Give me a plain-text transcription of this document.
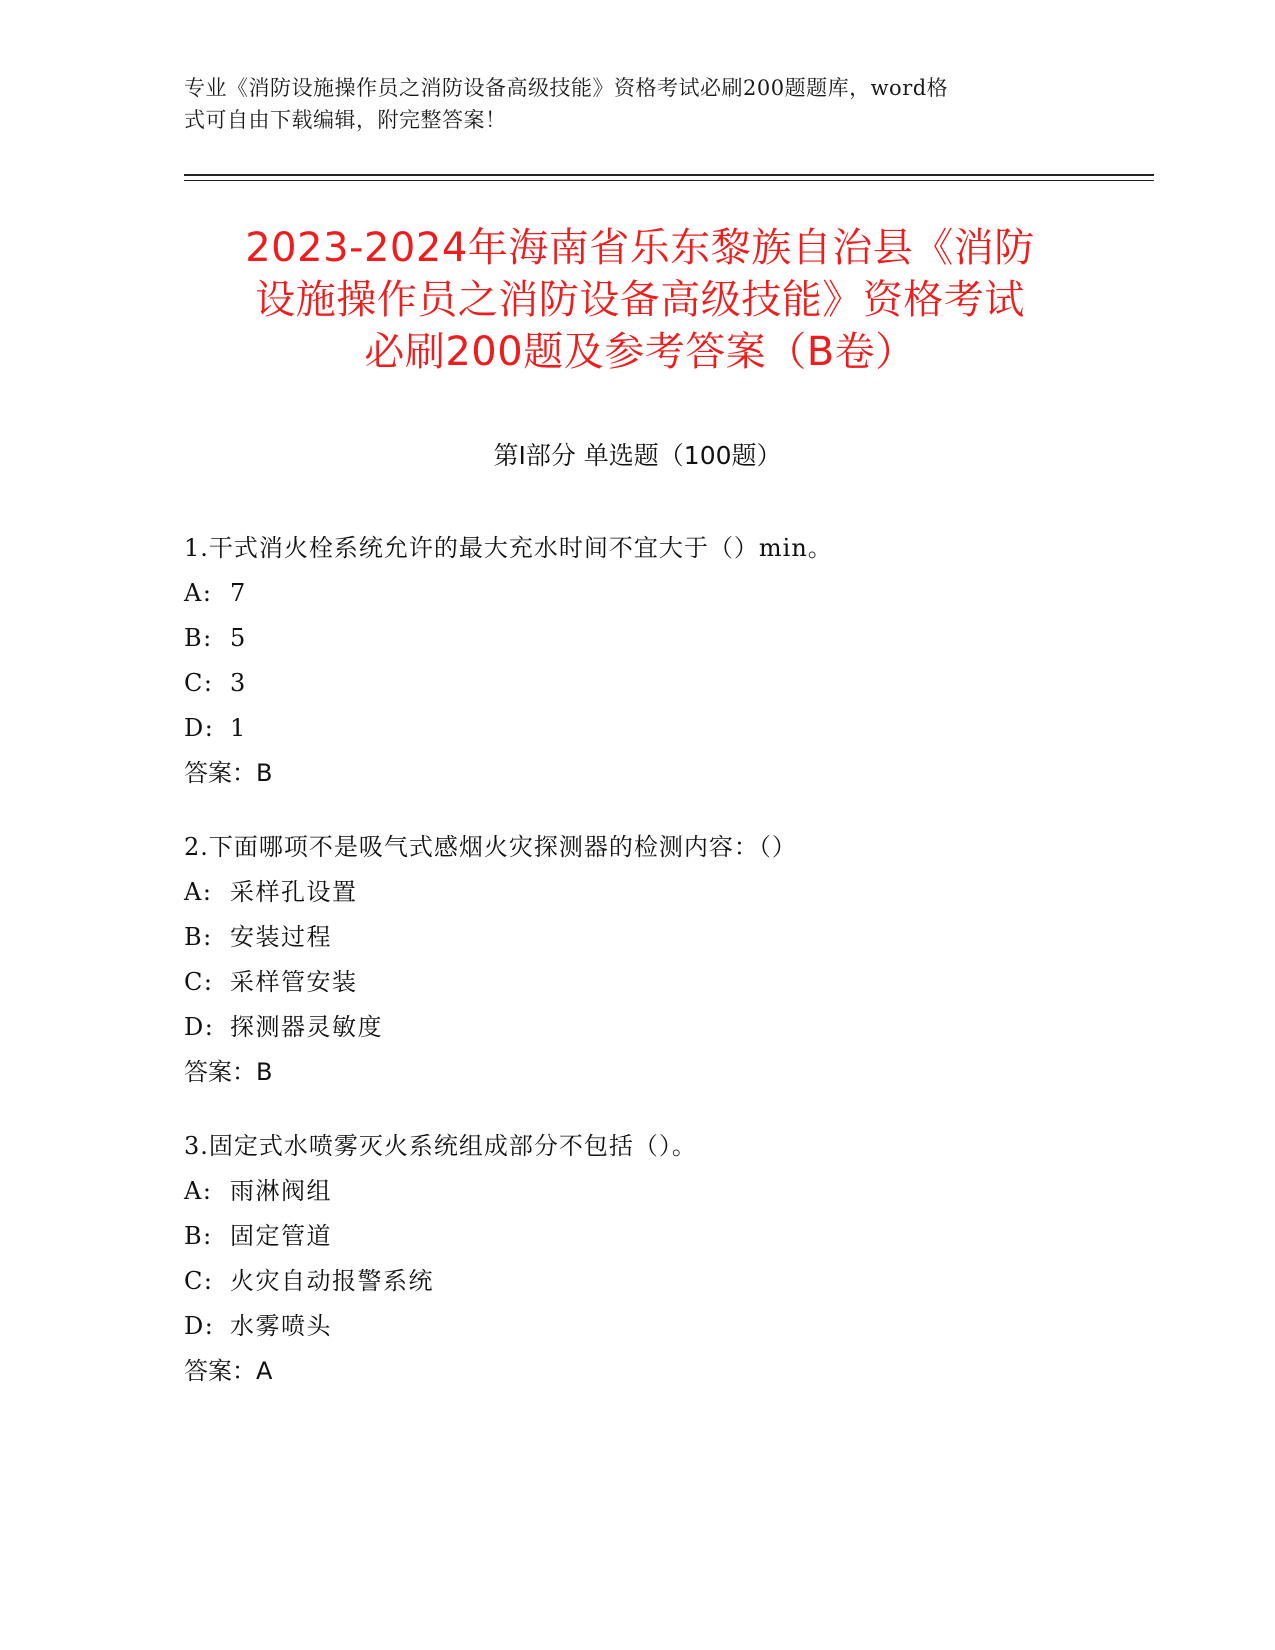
专业《消防设施操作员之消防设备高级技能》资格考试必刷200题题库，word格
式可自由下载编辑，附完整答案！
2023-2024年海南省乐东黎族自治县《消防
设施操作员之消防设备高级技能》资格考试
必刷200题及参考答案（B卷）
第Ⅰ部分 单选题（100题）
1.干式消火栓系统允许的最大充水时间不宜大于（）min。
A: 7
B: 5
C: 3
D: 1
答案：B
2.下面哪项不是吸气式感烟火灾探测器的检测内容：（）
A: 采样孔设置
B: 安装过程
C: 采样管安装
D: 探测器灵敏度
答案：B
3.固定式水喷雾灭火系统组成部分不包括（）。
A: 雨淋阀组
B: 固定管道
C: 火灾自动报警系统
D: 水雾喷头
答案：A
